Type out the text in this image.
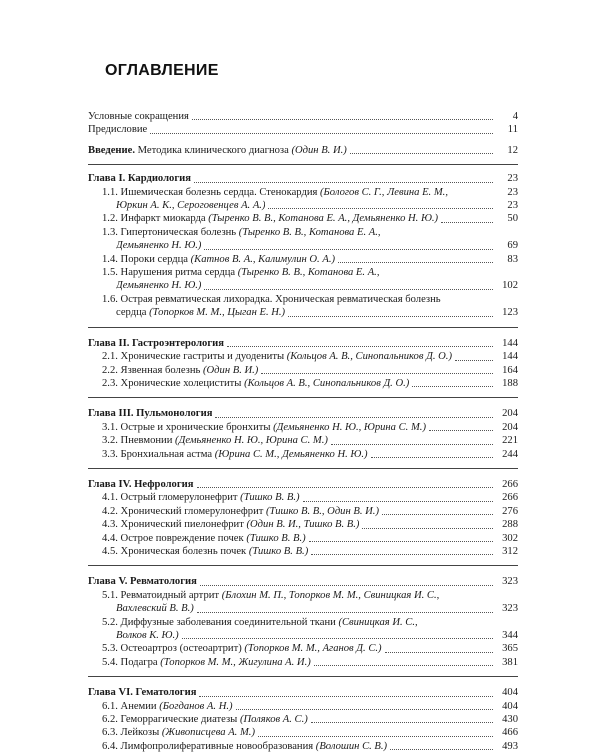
ОГЛАВЛЕНИЕ
Условные сокращения	4
Предисловие	11
Введение. Методика клинического диагноза (Один В. И.)	12
Глава I. Кардиология	23
1.1. Ишемическая болезнь сердца. Стенокардия (Бологов С. Г., Левина Е. М.,	23
Юркин А. К., Сероговенцев А. А.)	23
1.2. Инфаркт миокарда (Тыренко В. В., Котанова Е. А., Демьяненко Н. Ю.)	50
1.3. Гипертоническая болезнь (Тыренко В. В., Котанова Е. А.,
Демьяненко Н. Ю.)	69
1.4. Пороки сердца (Катнов В. А., Калимулин О. А.)	83
1.5. Нарушения ритма сердца (Тыренко В. В., Котанова Е. А.,
Демьяненко Н. Ю.)	102
1.6. Острая ревматическая лихорадка. Хроническая ревматическая болезнь
сердца (Топорков М. М., Цыган Е. Н.)	123
Глава II. Гастроэнтерология	144
2.1. Хронические гастриты и дуодениты (Кольцов А. В., Синопальников Д. О.)	144
2.2. Язвенная болезнь (Один В. И.)	164
2.3. Хронические холециститы (Кольцов А. В., Синопальников Д. О.)	188
Глава III. Пульмонология	204
3.1. Острые и хронические бронхиты (Демьяненко Н. Ю., Юрина С. М.)	204
3.2. Пневмонии (Демьяненко Н. Ю., Юрина С. М.)	221
3.3. Бронхиальная астма (Юрина С. М., Демьяненко Н. Ю.)	244
Глава IV. Нефрология	266
4.1. Острый гломерулонефрит (Тишко В. В.)	266
4.2. Хронический гломерулонефрит (Тишко В. В., Один В. И.)	276
4.3. Хронический пиелонефрит (Один В. И., Тишко В. В.)	288
4.4. Острое повреждение почек (Тишко В. В.)	302
4.5. Хроническая болезнь почек (Тишко В. В.)	312
Глава V. Ревматология	323
5.1. Ревматоидный артрит (Блохин М. П., Топорков М. М., Свиницкая И. С.,
Вахлевский В. В.)	323
5.2. Диффузные заболевания соединительной ткани (Свиницкая И. С.,
Волков К. Ю.)	344
5.3. Остеоартроз (остеоартрит) (Топорков М. М., Аганов Д. С.)	365
5.4. Подагра (Топорков М. М., Жигулина А. И.)	381
Глава VI. Гематология	404
6.1. Анемии (Богданов А. Н.)	404
6.2. Геморрагические диатезы (Поляков А. С.)	430
6.3. Лейкозы (Живописцева А. М.)	466
6.4. Лимфопролиферативные новообразования (Волошин С. В.)	493
